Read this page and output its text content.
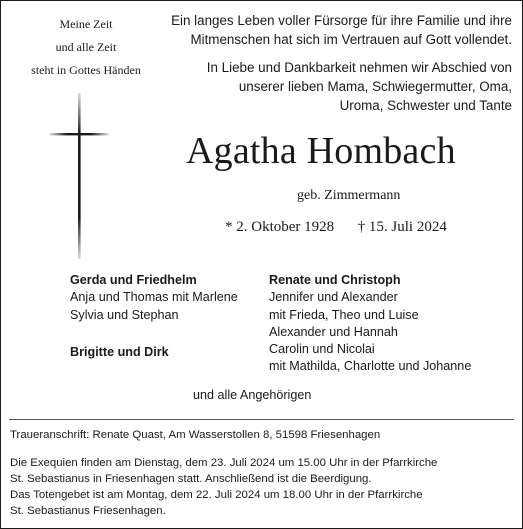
Meine Zeit
und alle Zeit
steht in Gottes Händen
Ein langes Leben voller Fürsorge für ihre Familie und ihre
Mitmenschen hat sich im Vertrauen auf Gott vollendet.
In Liebe und Dankbarkeit nehmen wir Abschied von
unserer lieben Mama, Schwiegermutter, Oma,
Uroma, Schwester und Tante
Agatha Hombach
geb. Zimmermann
* 2. Oktober 1928 † 15. Juli 2024
Gerda und Friedhelm
Anja und Thomas mit Marlene
Sylvia und Stephan
Brigitte und Dirk
Renate und Christoph
Jennifer und Alexander
mit Frieda, Theo und Luise
Alexander und Hannah
Carolin und Nicolai
mit Mathilda, Charlotte und Johanne
und alle Angehörigen
Traueranschrift: Renate Quast, Am Wasserstollen 8, 51598 Friesenhagen
Die Exequien finden am Dienstag, dem 23. Juli 2024 um 15.00 Uhr in der Pfarrkirche
St. Sebastianus in Friesenhagen statt. Anschließend ist die Beerdigung.
Das Totengebet ist am Montag, dem 22. Juli 2024 um 18.00 Uhr in der Pfarrkirche
St. Sebastianus Friesenhagen.
